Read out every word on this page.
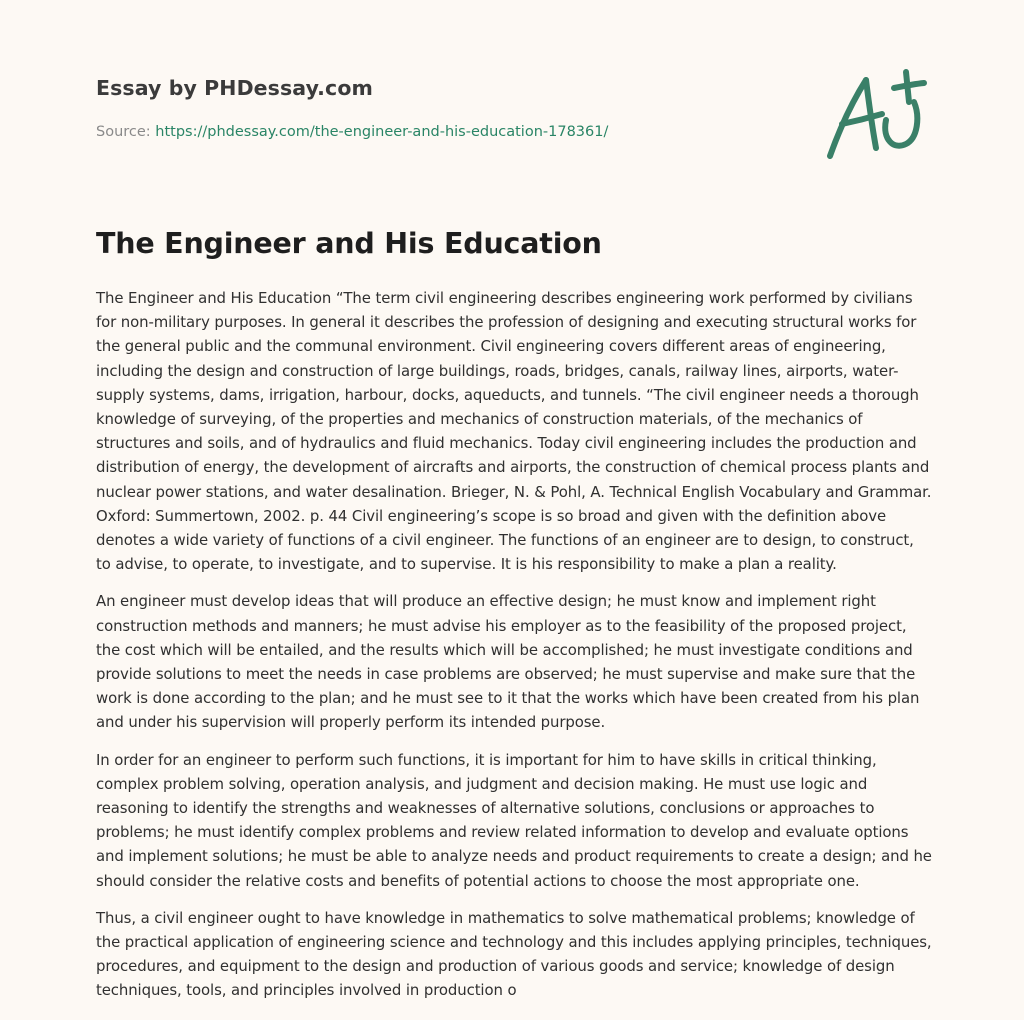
Essay by PHDessay.com
Source: https://phdessay.com/the-engineer-and-his-education-178361/
The Engineer and His Education

The Engineer and His Education “The term civil engineering describes engineering work performed by civilians for non-military purposes. In general it describes the profession of designing and executing structural works for the general public and the communal environment. Civil engineering covers different areas of engineering, including the design and construction of large buildings, roads, bridges, canals, railway lines, airports, water-supply systems, dams, irrigation, harbour, docks, aqueducts, and tunnels. “The civil engineer needs a thorough knowledge of surveying, of the properties and mechanics of construction materials, of the mechanics of structures and soils, and of hydraulics and fluid mechanics. Today civil engineering includes the production and distribution of energy, the development of aircrafts and airports, the construction of chemical process plants and nuclear power stations, and water desalination. Brieger, N. & Pohl, A. Technical English Vocabulary and Grammar. Oxford: Summertown, 2002. p. 44 Civil engineering’s scope is so broad and given with the definition above denotes a wide variety of functions of a civil engineer. The functions of an engineer are to design, to construct, to advise, to operate, to investigate, and to supervise. It is his responsibility to make a plan a reality.

An engineer must develop ideas that will produce an effective design; he must know and implement right construction methods and manners; he must advise his employer as to the feasibility of the proposed project, the cost which will be entailed, and the results which will be accomplished; he must investigate conditions and provide solutions to meet the needs in case problems are observed; he must supervise and make sure that the work is done according to the plan; and he must see to it that the works which have been created from his plan and under his supervision will properly perform its intended purpose.

In order for an engineer to perform such functions, it is important for him to have skills in critical thinking, complex problem solving, operation analysis, and judgment and decision making. He must use logic and reasoning to identify the strengths and weaknesses of alternative solutions, conclusions or approaches to problems; he must identify complex problems and review related information to develop and evaluate options and implement solutions; he must be able to analyze needs and product requirements to create a design; and he should consider the relative costs and benefits of potential actions to choose the most appropriate one.

Thus, a civil engineer ought to have knowledge in mathematics to solve mathematical problems; knowledge of the practical application of engineering science and technology and this includes applying principles, techniques, procedures, and equipment to the design and production of various goods and service; knowledge of design techniques, tools, and principles involved in production o
